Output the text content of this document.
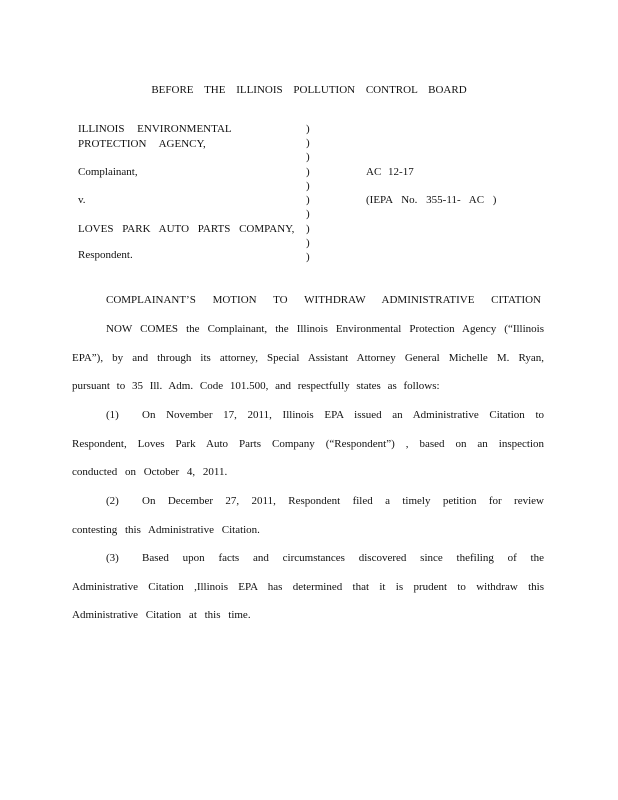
BEFORE THE ILLINOIS POLLUTION CONTROL BOARD
ILLINOIS ENVIRONMENTAL
PROTECTION AGENCY,
Complainant,
v.
LOVES PARK AUTO PARTS COMPANY,
Respondent.
)
)
)
)
)
)
)
)
)
)
AC 12-17
(IEPA No. 355-11- AC )
COMPLAINANT’S MOTION TO WITHDRAW ADMINISTRATIVE CITATION
NOW COMES the Complainant, the Illinois Environmental Protection Agency (“Illinois EPA”), by and through its attorney, Special Assistant Attorney General Michelle M. Ryan, pursuant to 35 Ill. Adm. Code 101.500, and respectfully states as follows:
(1) On November 17, 2011, Illinois EPA issued an Administrative Citation to Respondent, Loves Park Auto Parts Company (“Respondent”) , based on an inspection conducted on October 4, 2011.
(2) On December 27, 2011, Respondent filed a timely petition for review contesting this Administrative Citation.
(3) Based upon facts and circumstances discovered since thefiling of the Administrative Citation ,Illinois EPA has determined that it is prudent to withdraw this Administrative Citation at this time.
